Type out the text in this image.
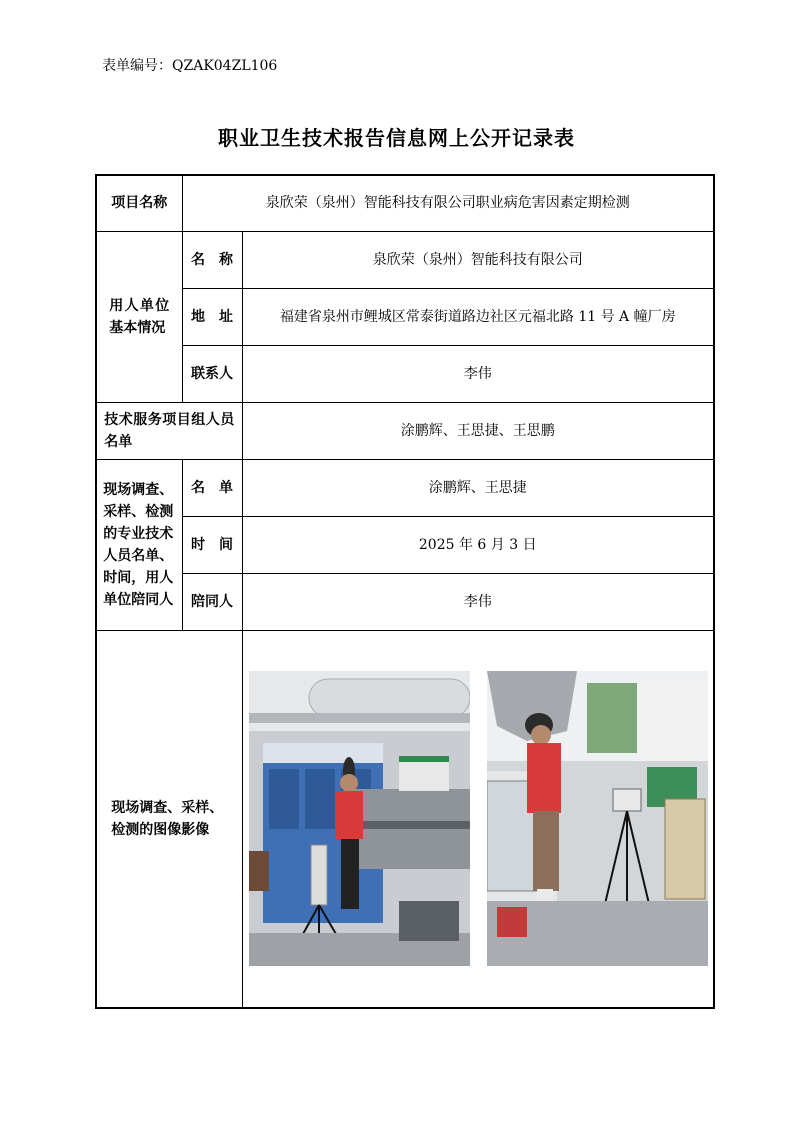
表单编号：QZAK04ZL106
职业卫生技术报告信息网上公开记录表
项目名称	泉欣荣（泉州）智能科技有限公司职业病危害因素定期检测	
用人单位基本情况	名　称	泉欣荣（泉州）智能科技有限公司
	地　址	福建省泉州市鲤城区常泰街道路边社区元福北路 11 号 A 幢厂房
	联系人	李伟
技术服务项目组人员名单		涂鹏辉、王思捷、王思鹏
现场调查、采样、检测的专业技术人员名单、时间，用人单位陪同人	名　单	涂鹏辉、王思捷
	时　间	2025 年 6 月 3 日
	陪同人	李伟
现场调查、采样、检测的图像影像	
